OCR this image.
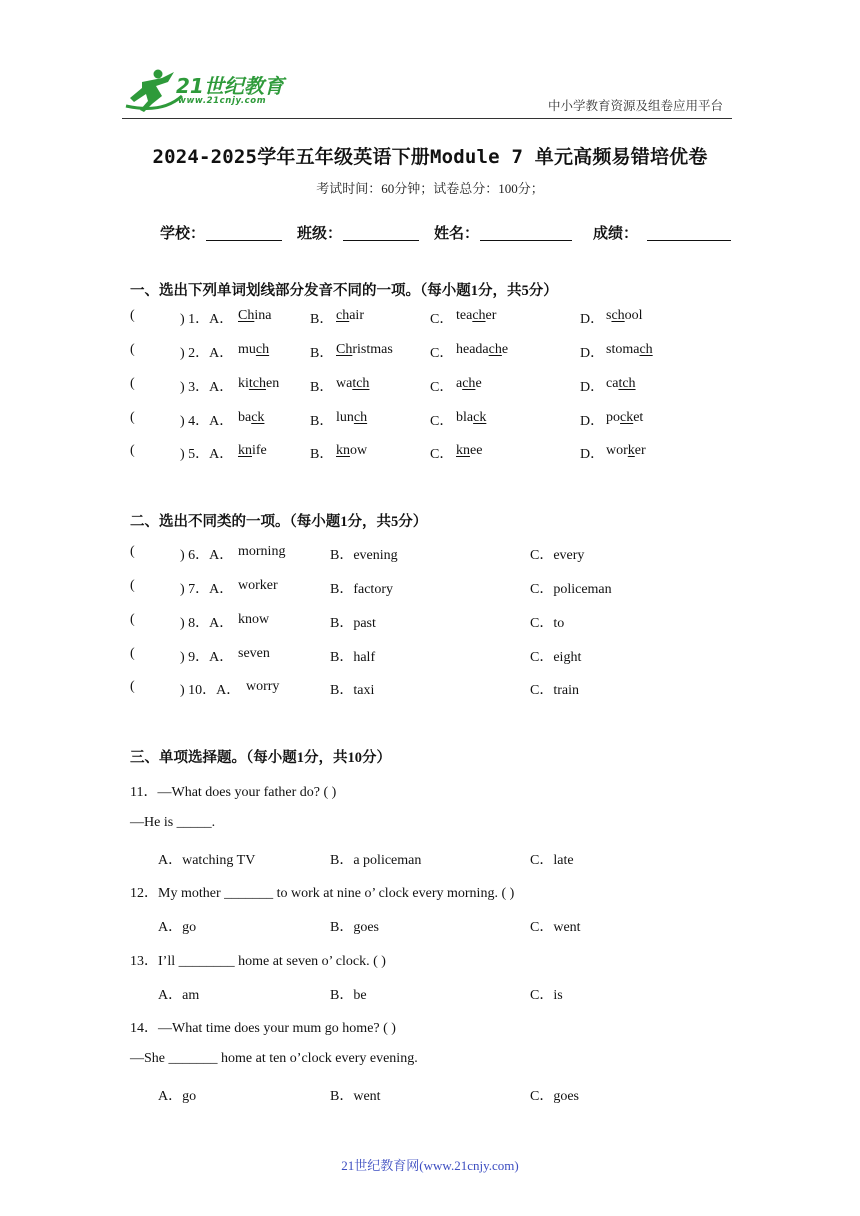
21世纪教育
www.21cnjy.com	中小学教育资源及组卷应用平台
2024-2025学年五年级英语下册Module 7 单元高频易错培优卷
考试时间：60分钟；试卷总分：100分；
学校：	班级：	姓名：	成绩：
一、选出下列单词划线部分发音不同的一项。（每小题1分，共5分）
(	) 1．A． China	B． chair	C． teacher	D． school
(	) 2．A． much	B． Christmas	C． headache	D． stomach
(	) 3．A． kitchen B． watch	C． ache	D． catch
(	) 4．A． back	B． lunch	C． black	D． pocket
(	) 5．A． knife	B． know	C． knee	D． worker
二、选出不同类的一项。（每小题1分，共5分）
(	) 6．A． morning	B．evening	C．every
(	) 7．A． worker	B．factory	C．policeman
(	) 8．A． know	B．past	C．to
(	) 9．A． seven	B．half	C．eight
(	) 10．A． worry	B．taxi	C．train
三、单项选择题。（每小题1分，共10分）
11．—What does your father do? ( )
—He is _____.
A．watching TV	B．a policeman	C．late
12．My mother _______ to work at nine o’ clock every morning. ( )
A．go	B．goes	C．went
13．I’ll ________ home at seven o’ clock. ( )
A．am	B．be	C．is
14．—What time does your mum go home? ( )
—She _______ home at ten o’clock every evening.
A．go	B．went	C．goes
21世纪教育网(www.21cnjy.com)
